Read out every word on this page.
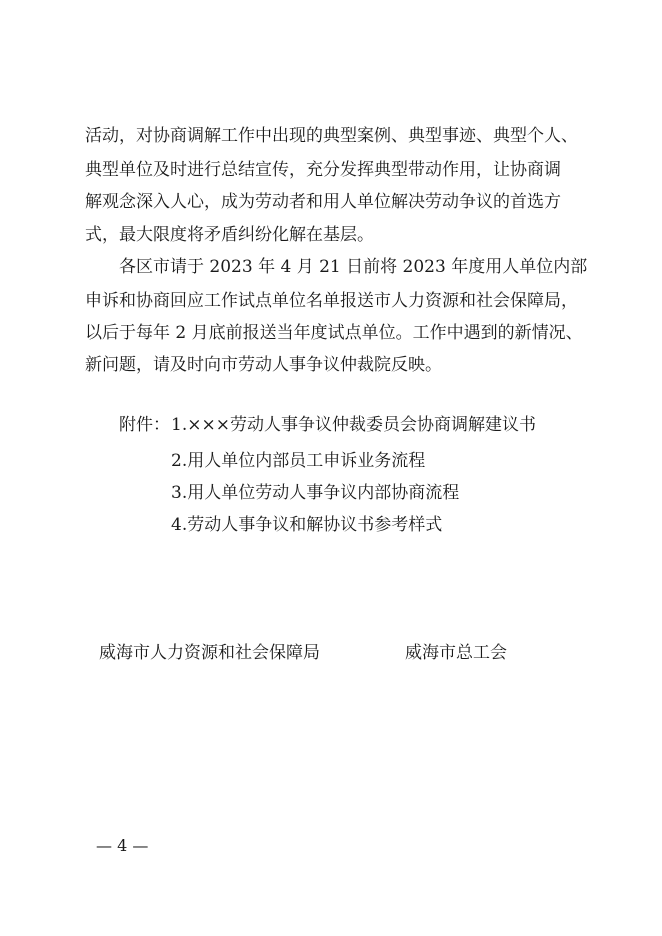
活动，对协商调解工作中出现的典型案例、典型事迹、典型个人、
典型单位及时进行总结宣传，充分发挥典型带动作用，让协商调
解观念深入人心，成为劳动者和用人单位解决劳动争议的首选方
式，最大限度将矛盾纠纷化解在基层。
各区市请于 2023 年 4 月 21 日前将 2023 年度用人单位内部
申诉和协商回应工作试点单位名单报送市人力资源和社会保障局，
以后于每年 2 月底前报送当年度试点单位。工作中遇到的新情况、
新问题，请及时向市劳动人事争议仲裁院反映。
附件： 1.×××劳动人事争议仲裁委员会协商调解建议书
2.用人单位内部员工申诉业务流程
3.用人单位劳动人事争议内部协商流程
4.劳动人事争议和解协议书参考样式
威海市人力资源和社会保障局	威海市总工会
— 4 —
